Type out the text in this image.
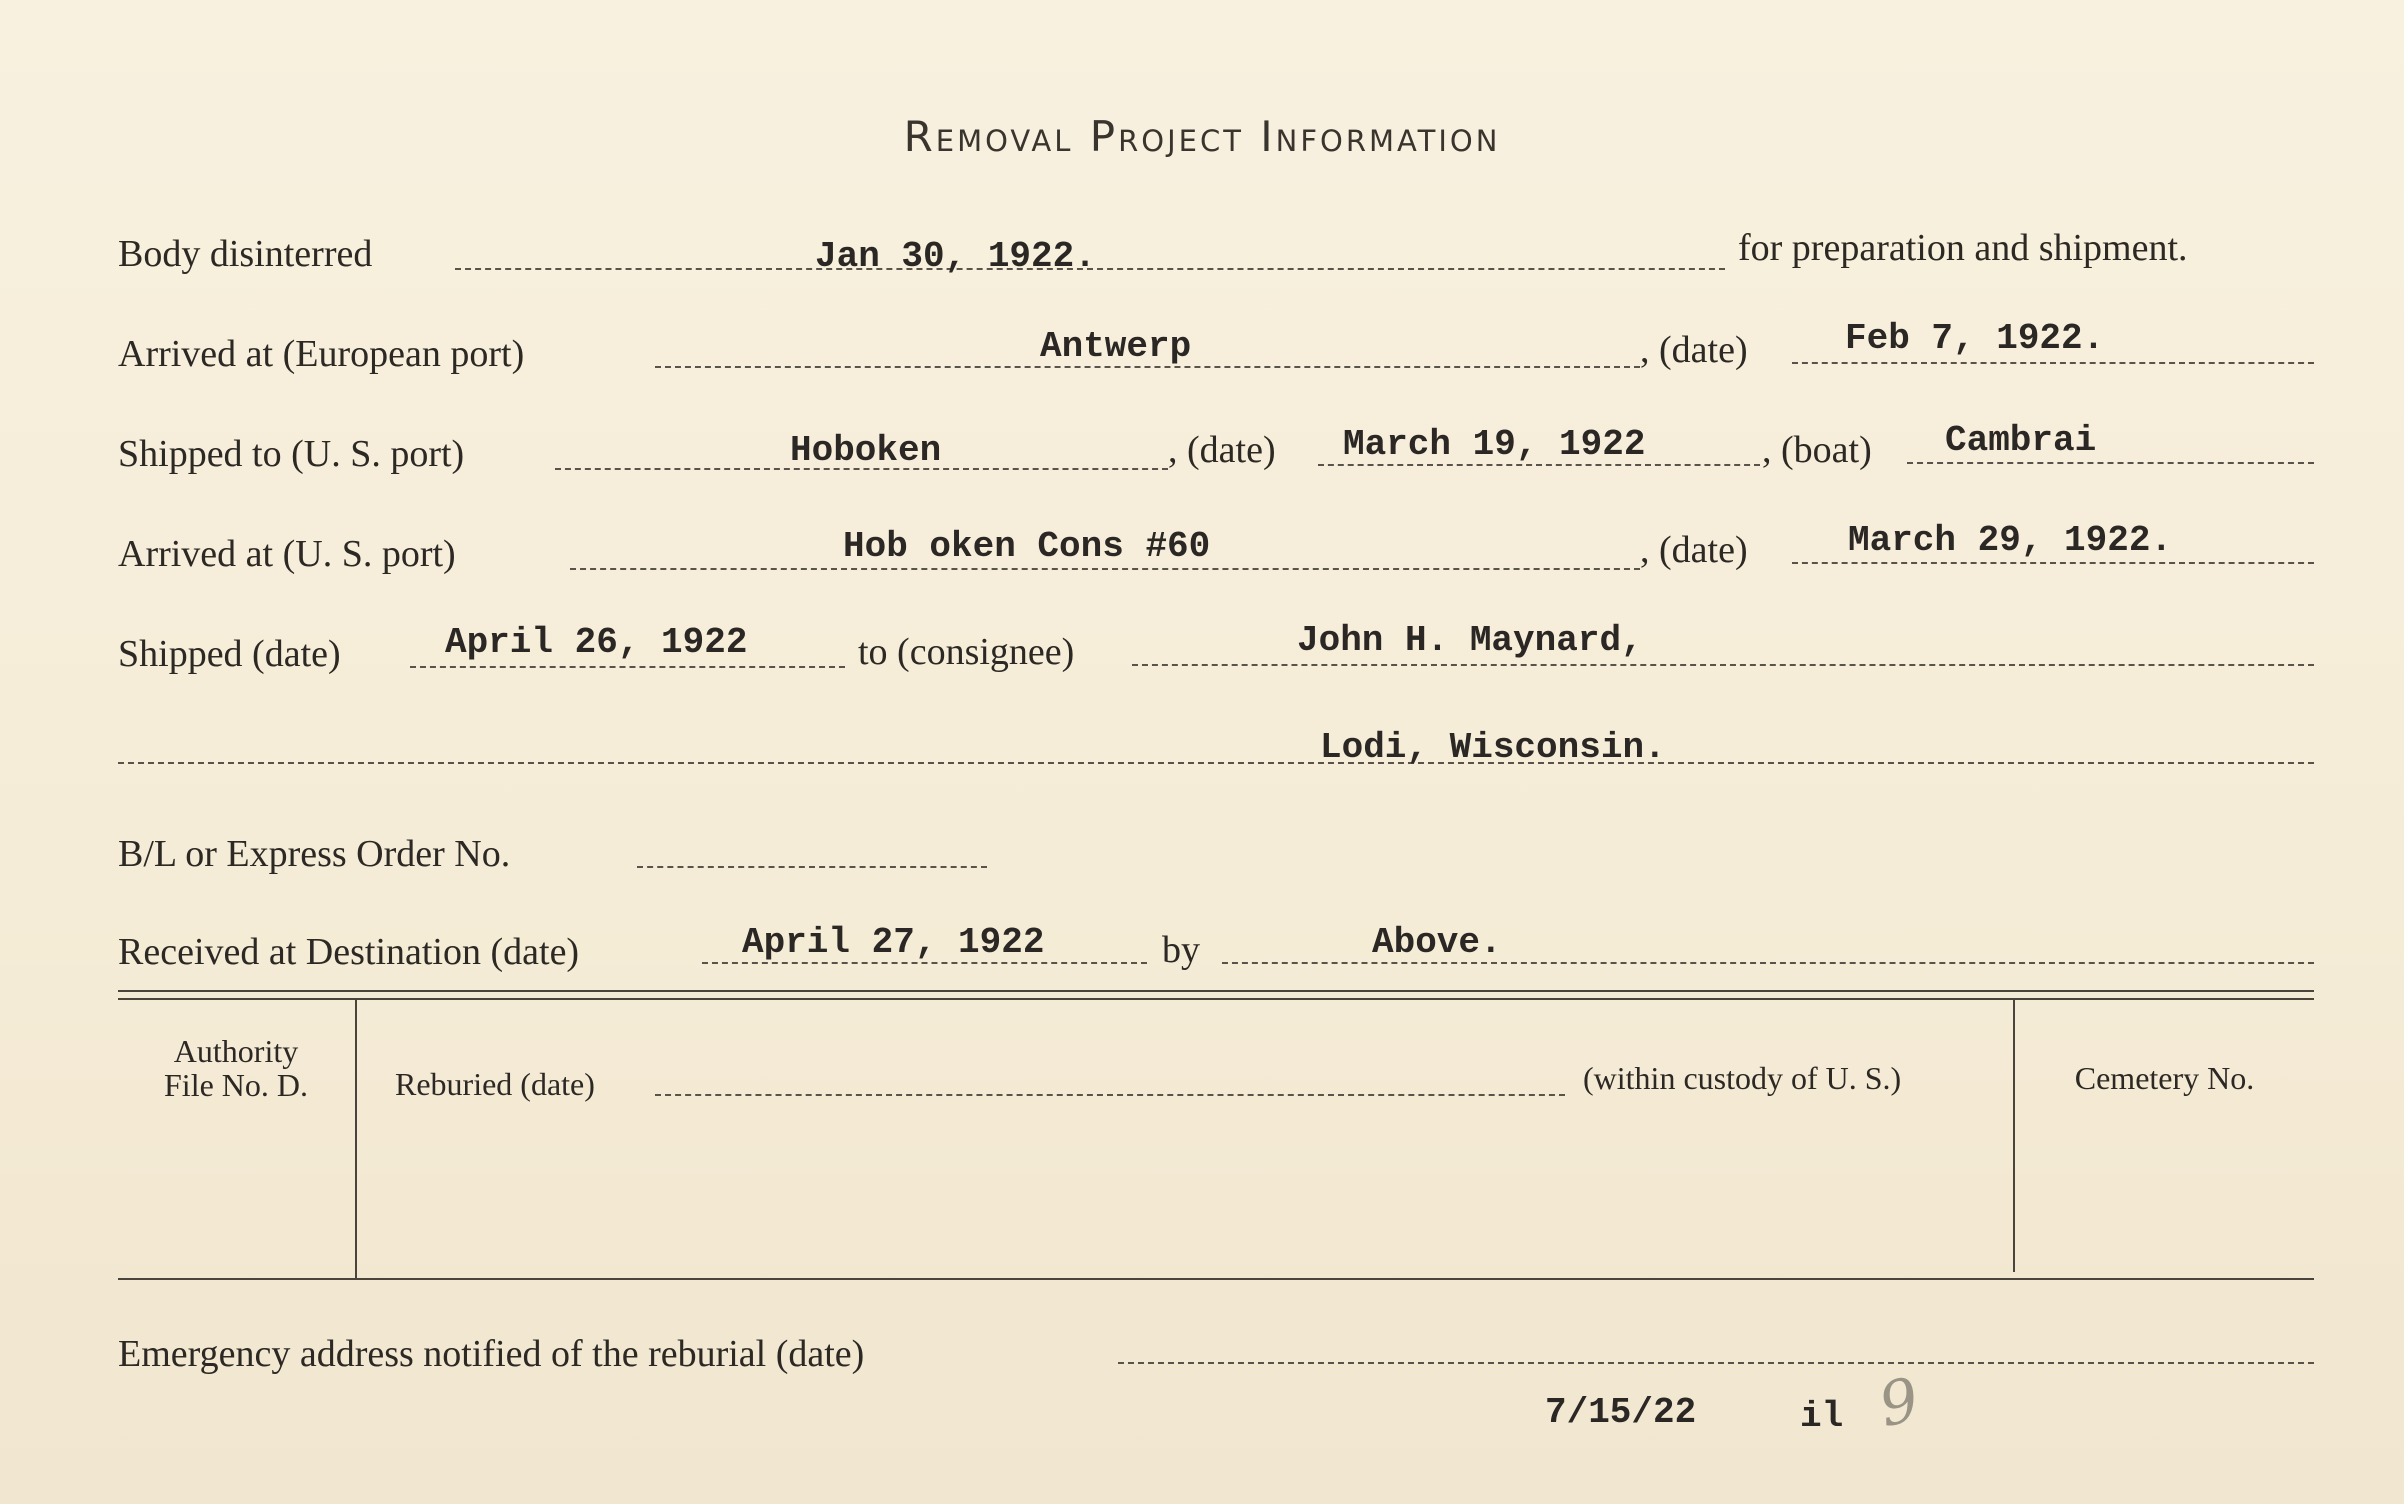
Removal Project Information
Body disinterred	Jan 30, 1922.	for preparation and shipment.
Arrived at (European port)	Antwerp	, (date)	Feb 7, 1922.
Shipped to (U. S. port)	Hoboken	, (date) March 19, 1922	, (boat) Cambrai
Arrived at (U. S. port)	Hob oken Cons #60	, (date)	March 29, 1922.
Shipped (date)	April 26, 1922	to (consignee)	John H. Maynard,
Lodi, Wisconsin.
B/L or Express Order No.
Received at Destination (date)	April 27, 1922	by	Above.
Authority
File No. D.	Reburied (date)	(within custody of U. S.)	Cemetery No.
Emergency address notified of the reburial (date)
7/15/22	il 9
